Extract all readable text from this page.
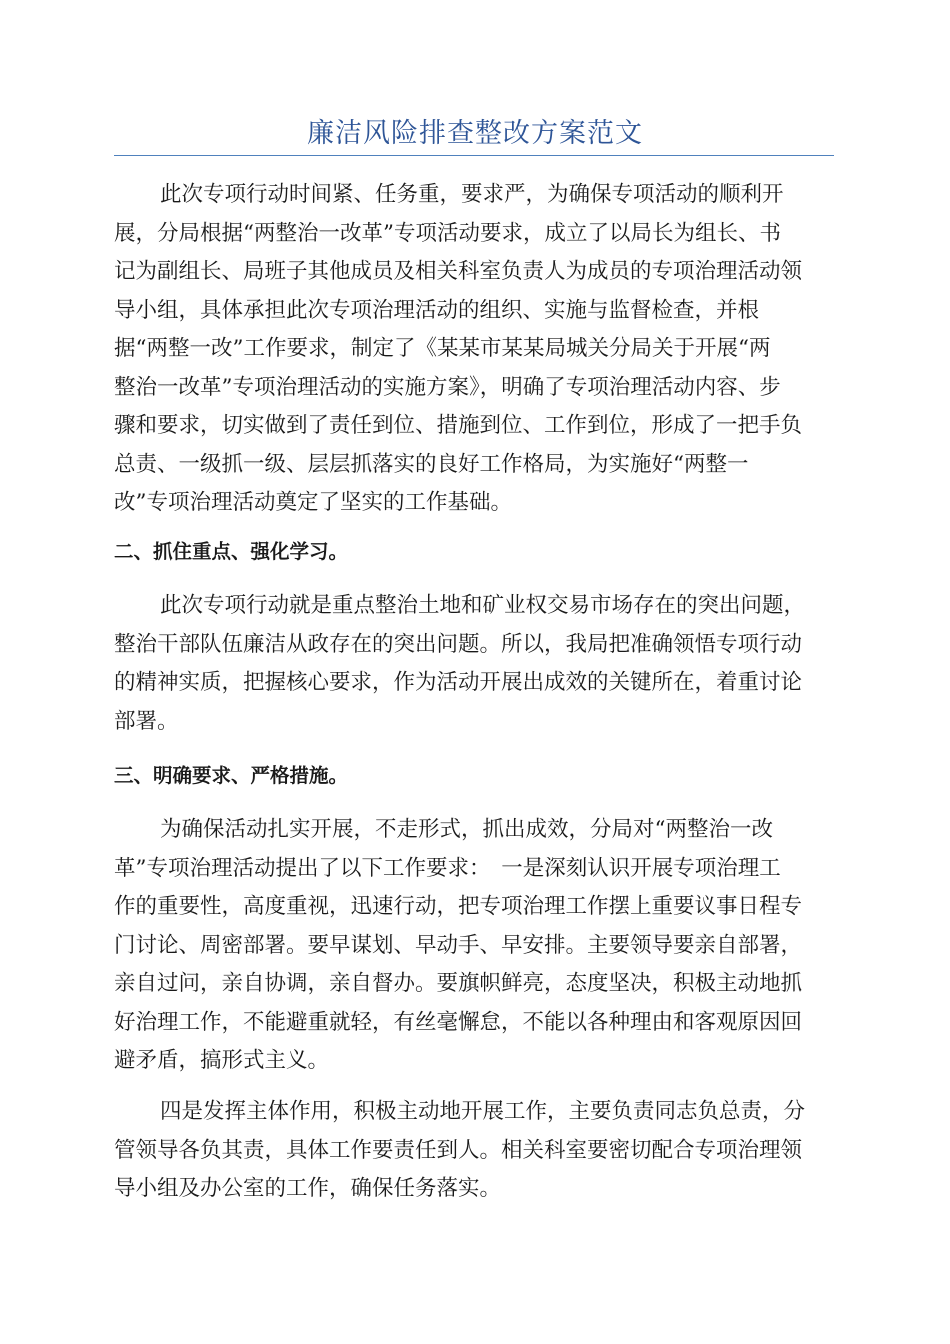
廉洁风险排查整改方案范文

此次专项行动时间紧、任务重，要求严，为确保专项活动的顺利开
展，分局根据“两整治一改革”专项活动要求，成立了以局长为组长、书
记为副组长、局班子其他成员及相关科室负责人为成员的专项治理活动领
导小组，具体承担此次专项治理活动的组织、实施与监督检查，并根
据“两整一改”工作要求，制定了《某某市某某局城关分局关于开展“两
整治一改革”专项治理活动的实施方案》，明确了专项治理活动内容、步
骤和要求，切实做到了责任到位、措施到位、工作到位，形成了一把手负
总责、一级抓一级、层层抓落实的良好工作格局，为实施好“两整一
改”专项治理活动奠定了坚实的工作基础。

二、抓住重点、强化学习。

此次专项行动就是重点整治土地和矿业权交易市场存在的突出问题，
整治干部队伍廉洁从政存在的突出问题。所以，我局把准确领悟专项行动
的精神实质，把握核心要求，作为活动开展出成效的关键所在，着重讨论
部署。

三、明确要求、严格措施。

为确保活动扎实开展，不走形式，抓出成效，分局对“两整治一改
革”专项治理活动提出了以下工作要求：　一是深刻认识开展专项治理工
作的重要性，高度重视，迅速行动，把专项治理工作摆上重要议事日程专
门讨论、周密部署。要早谋划、早动手、早安排。主要领导要亲自部署，
亲自过问，亲自协调，亲自督办。要旗帜鲜亮，态度坚决，积极主动地抓
好治理工作，不能避重就轻，有丝毫懈怠，不能以各种理由和客观原因回
避矛盾，搞形式主义。

四是发挥主体作用，积极主动地开展工作，主要负责同志负总责，分
管领导各负其责，具体工作要责任到人。相关科室要密切配合专项治理领
导小组及办公室的工作，确保任务落实。
